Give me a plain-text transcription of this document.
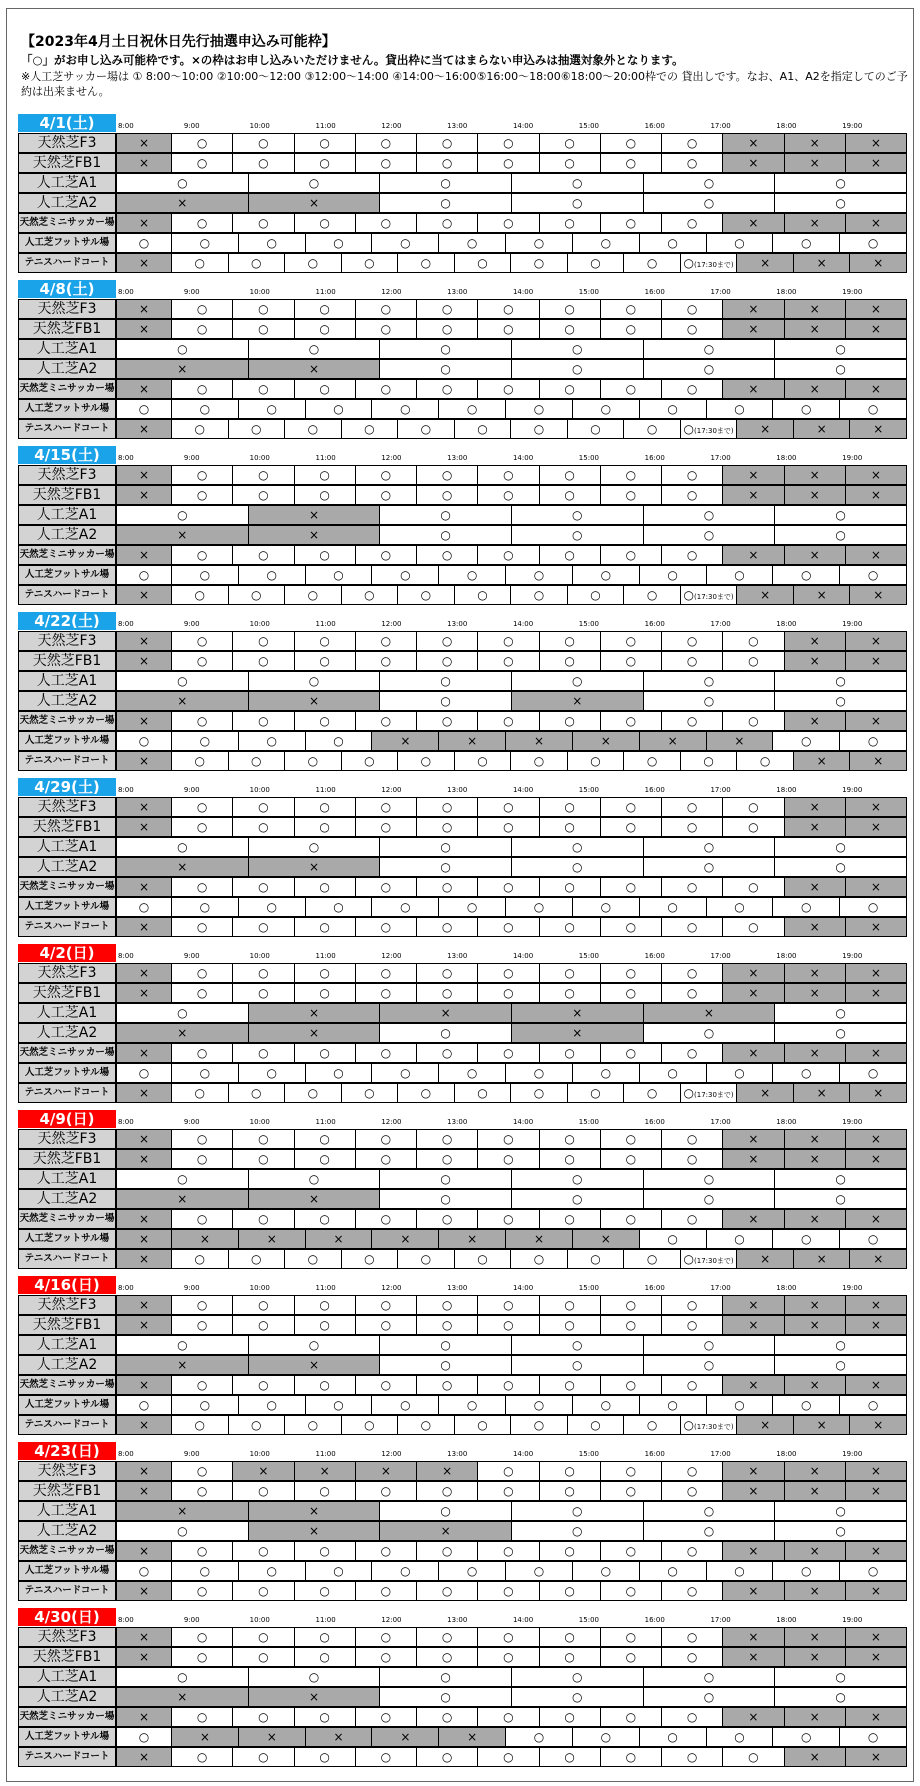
【2023年4月土日祝休日先行抽選申込み可能枠】
「○」がお申し込み可能枠です。×の枠はお申し込みいただけません。貸出枠に当てはまらない申込みは抽選対象外となります。
※人工芝サッカー場は ① 8:00～10:00 ②10:00～12:00 ③12:00～14:00 ④14:00～16:00⑤16:00～18:00⑥18:00～20:00枠での 貸出しです。なお、A1、A2を指定してのご予約は出来ません。
4/1(土)	8:00	9:00	10:00	11:00	12:00	13:00	14:00	15:00	16:00	17:00	18:00	19:00
天然芝F3	×	○	○	○	○	○	○	○	○	○	×	×	×
天然芝FB1	×	○	○	○	○	○	○	○	○	○	×	×	×
人工芝A1	○	○	○	○	○	○
人工芝A2	×	×	○	○	○	○
天然芝ミニサッカー場	×	○	○	○	○	○	○	○	○	○	×	×	×
人工芝フットサル場	○	○	○	○	○	○	○	○	○	○	○	○
テニスハードコート	×	○	○	○	○	○	○	○	○	○	○(17:30まで)	×	×	×
4/8(土)	8:00	9:00	10:00	11:00	12:00	13:00	14:00	15:00	16:00	17:00	18:00	19:00
天然芝F3	×	○	○	○	○	○	○	○	○	○	×	×	×
天然芝FB1	×	○	○	○	○	○	○	○	○	○	×	×	×
人工芝A1	○	○	○	○	○	○
人工芝A2	×	×	○	○	○	○
天然芝ミニサッカー場	×	○	○	○	○	○	○	○	○	○	×	×	×
人工芝フットサル場	○	○	○	○	○	○	○	○	○	○	○	○
テニスハードコート	×	○	○	○	○	○	○	○	○	○	○(17:30まで)	×	×	×
4/15(土)	8:00	9:00	10:00	11:00	12:00	13:00	14:00	15:00	16:00	17:00	18:00	19:00
天然芝F3	×	○	○	○	○	○	○	○	○	○	×	×	×
天然芝FB1	×	○	○	○	○	○	○	○	○	○	×	×	×
人工芝A1	○	×	○	○	○	○
人工芝A2	×	×	○	○	○	○
天然芝ミニサッカー場	×	○	○	○	○	○	○	○	○	○	×	×	×
人工芝フットサル場	○	○	○	○	○	○	○	○	○	○	○	○
テニスハードコート	×	○	○	○	○	○	○	○	○	○	○(17:30まで)	×	×	×
4/22(土)	8:00	9:00	10:00	11:00	12:00	13:00	14:00	15:00	16:00	17:00	18:00	19:00
天然芝F3	×	○	○	○	○	○	○	○	○	○	○	×	×
天然芝FB1	×	○	○	○	○	○	○	○	○	○	○	×	×
人工芝A1	○	○	○	○	○	○
人工芝A2	×	×	○	×	○	○
天然芝ミニサッカー場	×	○	○	○	○	○	○	○	○	○	○	×	×
人工芝フットサル場	○	○	○	○	×	×	×	×	×	×	○	○
テニスハードコート	×	○	○	○	○	○	○	○	○	○	○	○	×	×
4/29(土)	8:00	9:00	10:00	11:00	12:00	13:00	14:00	15:00	16:00	17:00	18:00	19:00
天然芝F3	×	○	○	○	○	○	○	○	○	○	○	×	×
天然芝FB1	×	○	○	○	○	○	○	○	○	○	○	×	×
人工芝A1	○	○	○	○	○	○
人工芝A2	×	×	○	○	○	○
天然芝ミニサッカー場	×	○	○	○	○	○	○	○	○	○	○	×	×
人工芝フットサル場	○	○	○	○	○	○	○	○	○	○	○	○
テニスハードコート	×	○	○	○	○	○	○	○	○	○	○	×	×
4/2(日)	8:00	9:00	10:00	11:00	12:00	13:00	14:00	15:00	16:00	17:00	18:00	19:00
天然芝F3	×	○	○	○	○	○	○	○	○	○	×	×	×
天然芝FB1	×	○	○	○	○	○	○	○	○	○	×	×	×
人工芝A1	○	×	×	×	×	○
人工芝A2	×	×	○	×	○	○
天然芝ミニサッカー場	×	○	○	○	○	○	○	○	○	○	×	×	×
人工芝フットサル場	○	○	○	○	○	○	○	○	○	○	○	○
テニスハードコート	×	○	○	○	○	○	○	○	○	○	○(17:30まで)	×	×	×
4/9(日)	8:00	9:00	10:00	11:00	12:00	13:00	14:00	15:00	16:00	17:00	18:00	19:00
天然芝F3	×	○	○	○	○	○	○	○	○	○	×	×	×
天然芝FB1	×	○	○	○	○	○	○	○	○	○	×	×	×
人工芝A1	○	○	○	○	○	○
人工芝A2	×	×	○	○	○	○
天然芝ミニサッカー場	×	○	○	○	○	○	○	○	○	○	×	×	×
人工芝フットサル場	×	×	×	×	×	×	×	×	○	○	○	○
テニスハードコート	×	○	○	○	○	○	○	○	○	○	○(17:30まで)	×	×	×
4/16(日)	8:00	9:00	10:00	11:00	12:00	13:00	14:00	15:00	16:00	17:00	18:00	19:00
天然芝F3	×	○	○	○	○	○	○	○	○	○	×	×	×
天然芝FB1	×	○	○	○	○	○	○	○	○	○	×	×	×
人工芝A1	○	○	○	○	○	○
人工芝A2	×	×	○	○	○	○
天然芝ミニサッカー場	×	○	○	○	○	○	○	○	○	○	×	×	×
人工芝フットサル場	○	○	○	○	○	○	○	○	○	○	○	○
テニスハードコート	×	○	○	○	○	○	○	○	○	○	○(17:30まで)	×	×	×
4/23(日)	8:00	9:00	10:00	11:00	12:00	13:00	14:00	15:00	16:00	17:00	18:00	19:00
天然芝F3	×	○	×	×	×	×	○	○	○	○	×	×	×
天然芝FB1	×	○	○	○	○	○	○	○	○	○	×	×	×
人工芝A1	×	×	○	○	○	○
人工芝A2	○	×	×	○	○	○
天然芝ミニサッカー場	×	○	○	○	○	○	○	○	○	○	×	×	×
人工芝フットサル場	○	○	○	○	○	○	○	○	○	○	○	○
テニスハードコート	×	○	○	○	○	○	○	○	○	○	×	×	×
4/30(日)	8:00	9:00	10:00	11:00	12:00	13:00	14:00	15:00	16:00	17:00	18:00	19:00
天然芝F3	×	○	○	○	○	○	○	○	○	○	×	×	×
天然芝FB1	×	○	○	○	○	○	○	○	○	○	×	×	×
人工芝A1	○	○	○	○	○	○
人工芝A2	×	×	○	○	○	○
天然芝ミニサッカー場	×	○	○	○	○	○	○	○	○	○	×	×	×
人工芝フットサル場	○	×	×	×	×	×	○	○	○	○	○	○
テニスハードコート	×	○	○	○	○	○	○	○	○	○	○	×	×
